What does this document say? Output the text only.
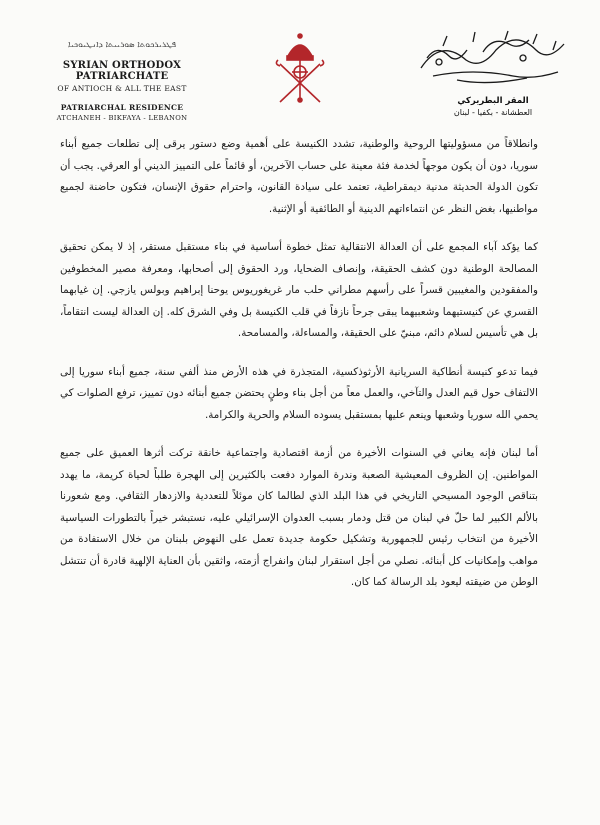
ܦܛܪܝܪܟܘܬܐ ܣܘܪܝܝܬܐ ܕܐܢܛܝܘܟܝܐ
SYRIAN ORTHODOX PATRIARCHATE
OF ANTIOCH & ALL THE EAST
PATRIARCHAL RESIDENCE
ATCHANEH - BIKFAYA - LEBANON
المقر البطريركي
العطشانة - بكفيا - لبنان

وانطلاقاً من مسؤوليتها الروحية والوطنية، تشدد الكنيسة على أهمية وضع دستور يرقى إلى تطلعات جميع أبناء سوريا، دون أن يكون موجهاً لخدمة فئة معينة على حساب الآخرين، أو قائماً على التمييز الديني أو العرقي. يجب أن تكون الدولة الحديثة مدنية ديمقراطية، تعتمد على سيادة القانون، واحترام حقوق الإنسان، فتكون حاضنة لجميع مواطنيها، بغض النظر عن انتماءاتهم الدينية أو الطائفية أو الإثنية.

كما يؤكد آباء المجمع على أن العدالة الانتقالية تمثل خطوة أساسية في بناء مستقبل مستقر، إذ لا يمكن تحقيق المصالحة الوطنية دون كشف الحقيقة، وإنصاف الضحايا، ورد الحقوق إلى أصحابها، ومعرفة مصير المخطوفين والمفقودين والمغيبين قسراً على رأسهم مطراني حلب مار غريغوريوس يوحنا إبراهيم وبولس يازجي. إن غيابهما القسري عن كنيستيهما وشعبيهما يبقى جرحاً نازفاً في قلب الكنيسة بل وفي الشرق كله. إن العدالة ليست انتقاماً، بل هي تأسيس لسلام دائم، مبنيّ على الحقيقة، والمساءلة، والمسامحة.

فيما تدعو كنيسة أنطاكية السريانية الأرثوذكسية، المتجذرة في هذه الأرض منذ ألفي سنة، جميع أبناء سوريا إلى الالتفاف حول قيم العدل والتآخي، والعمل معاً من أجل بناء وطنٍ يحتضن جميع أبنائه دون تمييز، ترفع الصلوات كي يحمي الله سوريا وشعبها وينعم عليها بمستقبل يسوده السلام والحرية والكرامة.

أما لبنان فإنه يعاني في السنوات الأخيرة من أزمة اقتصادية واجتماعية خانقة تركت أثرها العميق على جميع المواطنين. إن الظروف المعيشية الصعبة وندرة الموارد دفعت بالكثيرين إلى الهجرة طلباً لحياة كريمة، ما يهدد بتناقص الوجود المسيحي التاريخي في هذا البلد الذي لطالما كان موئلاً للتعددية والازدهار الثقافي. ومع شعورنا بالألم الكبير لما حلّ في لبنان من قتل ودمار بسبب العدوان الإسرائيلي عليه، نستبشر خيراً بالتطورات السياسية الأخيرة من انتخاب رئيس للجمهورية وتشكيل حكومة جديدة تعمل على النهوض بلبنان من خلال الاستفادة من مواهب وإمكانيات كل أبنائه. نصلي من أجل استقرار لبنان وانفراج أزمته، واثقين بأن العناية الإلهية قادرة أن تنتشل الوطن من ضيقته ليعود بلد الرسالة كما كان.
